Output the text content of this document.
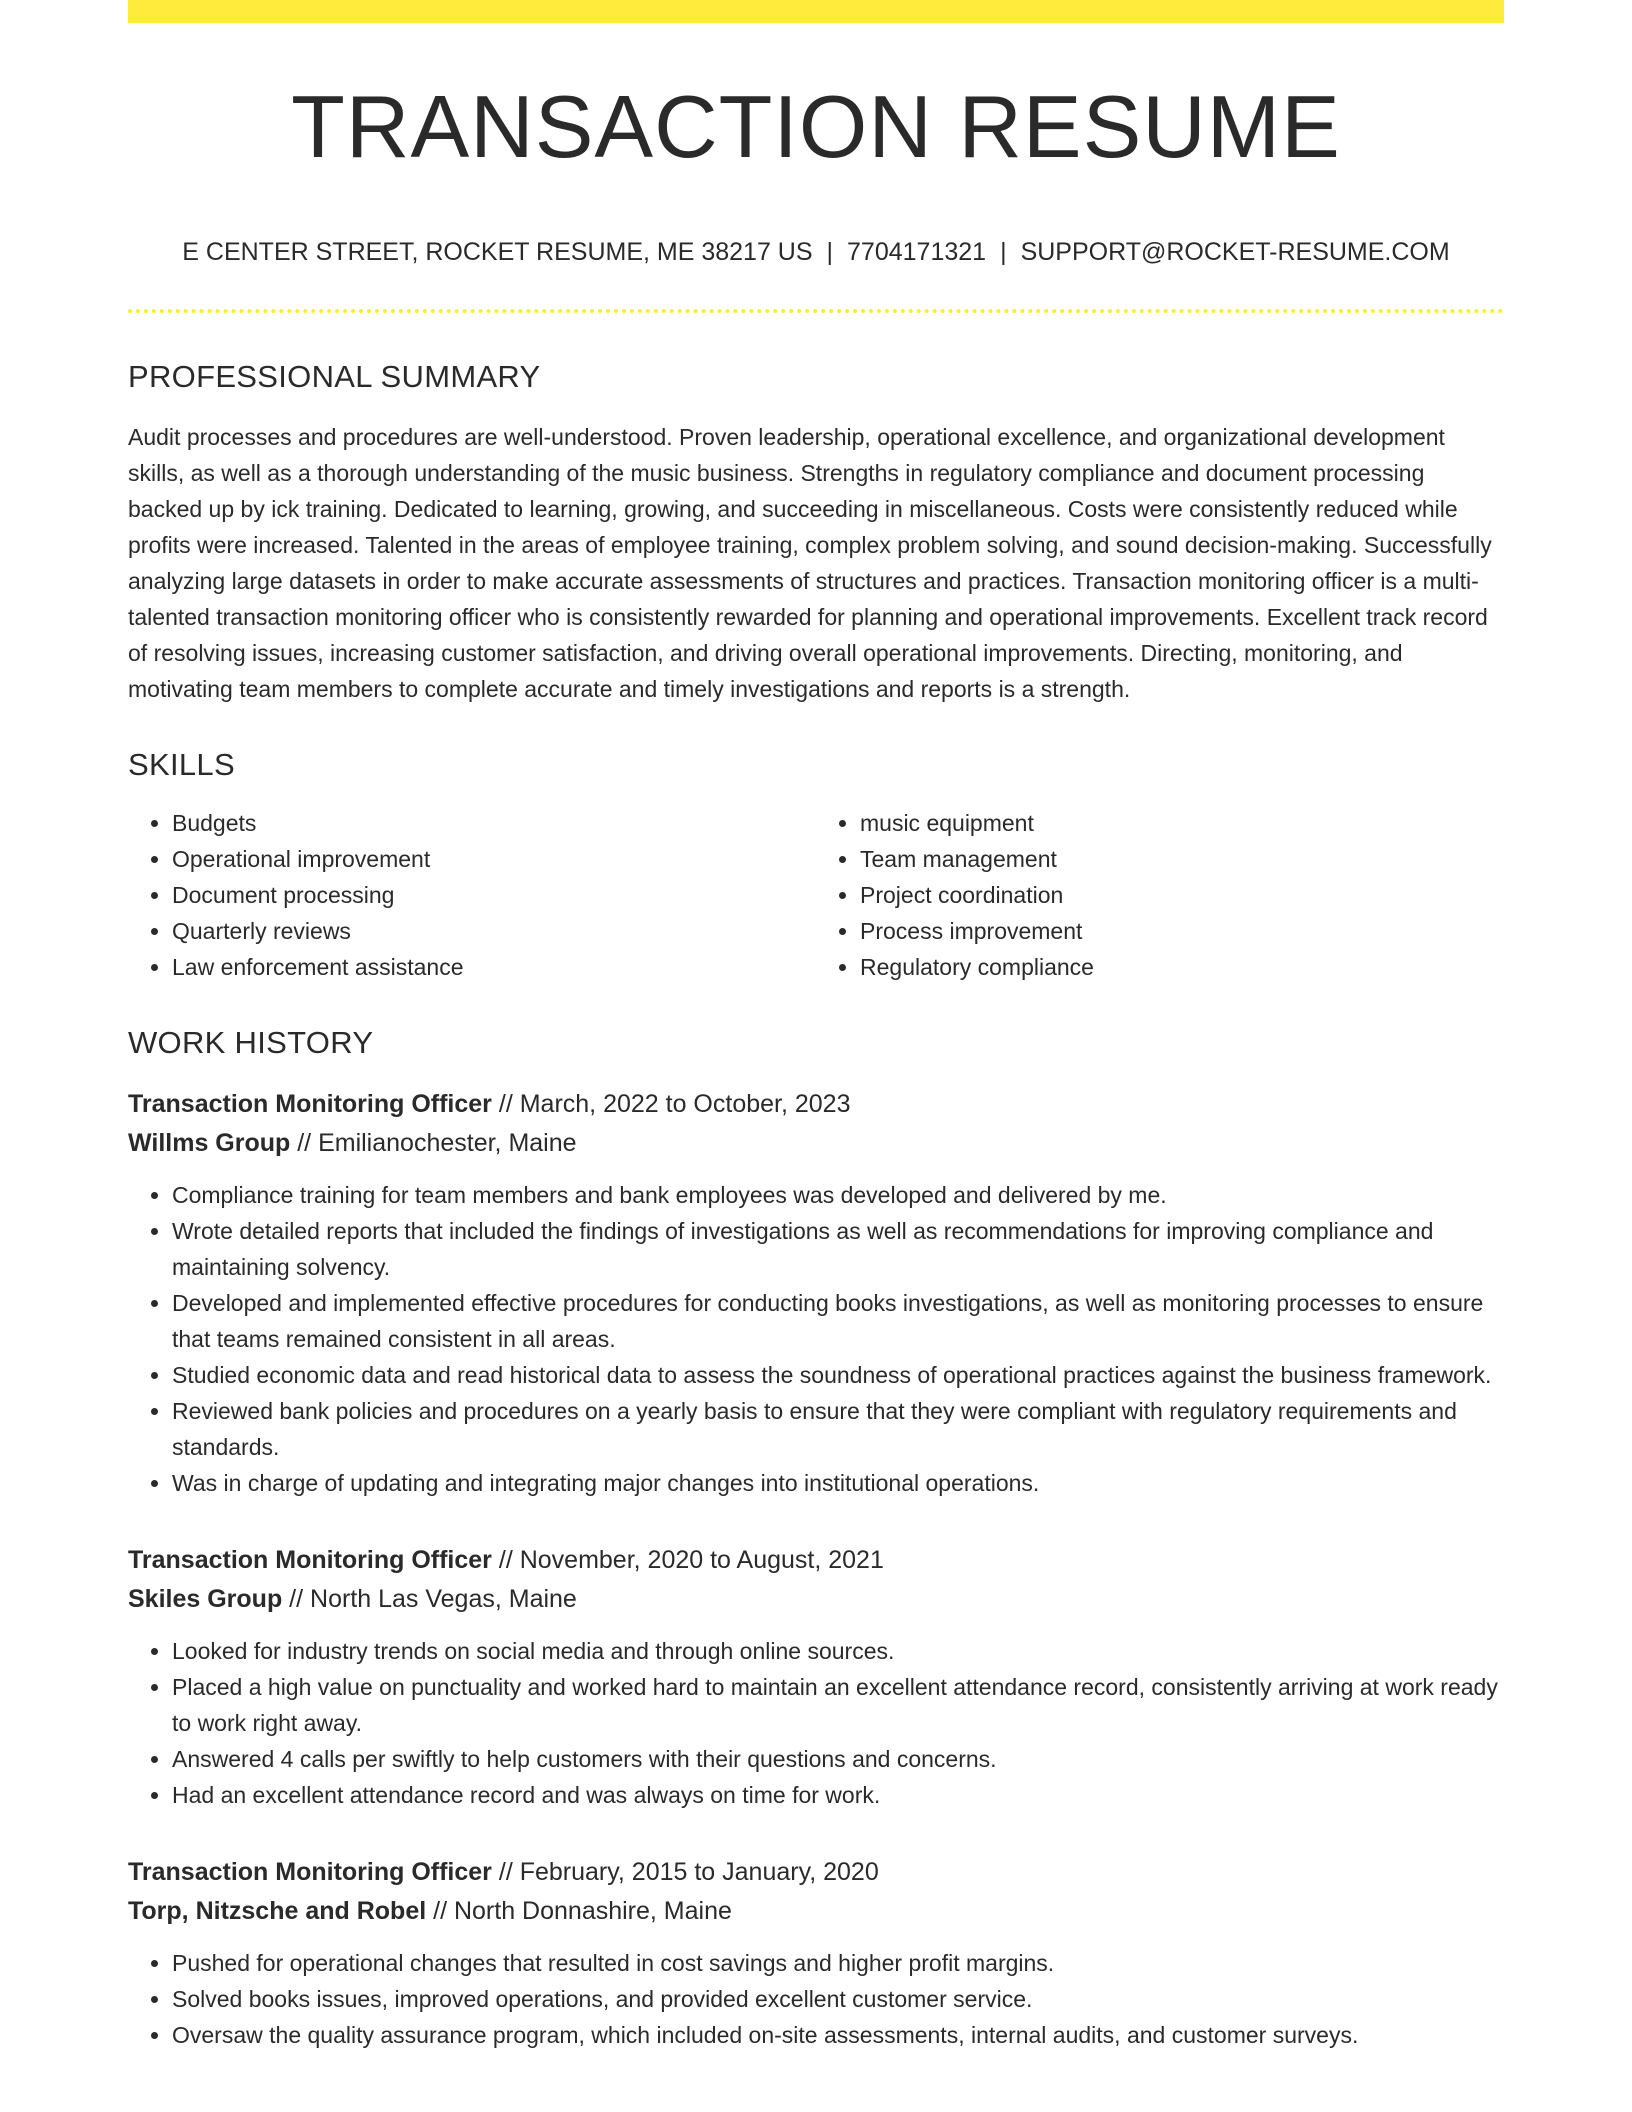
TRANSACTION RESUME
E CENTER STREET, ROCKET RESUME, ME 38217 US | 7704171321 | SUPPORT@ROCKET-RESUME.COM
PROFESSIONAL SUMMARY
Audit processes and procedures are well-understood. Proven leadership, operational excellence, and organizational development skills, as well as a thorough understanding of the music business. Strengths in regulatory compliance and document processing backed up by ick training. Dedicated to learning, growing, and succeeding in miscellaneous. Costs were consistently reduced while profits were increased. Talented in the areas of employee training, complex problem solving, and sound decision-making. Successfully analyzing large datasets in order to make accurate assessments of structures and practices. Transaction monitoring officer is a multi-talented transaction monitoring officer who is consistently rewarded for planning and operational improvements. Excellent track record of resolving issues, increasing customer satisfaction, and driving overall operational improvements. Directing, monitoring, and motivating team members to complete accurate and timely investigations and reports is a strength.
SKILLS
• Budgets
• Operational improvement
• Document processing
• Quarterly reviews
• Law enforcement assistance
• music equipment
• Team management
• Project coordination
• Process improvement
• Regulatory compliance
WORK HISTORY
Transaction Monitoring Officer // March, 2022 to October, 2023
Willms Group // Emilianochester, Maine
• Compliance training for team members and bank employees was developed and delivered by me.
• Wrote detailed reports that included the findings of investigations as well as recommendations for improving compliance and maintaining solvency.
• Developed and implemented effective procedures for conducting books investigations, as well as monitoring processes to ensure that teams remained consistent in all areas.
• Studied economic data and read historical data to assess the soundness of operational practices against the business framework.
• Reviewed bank policies and procedures on a yearly basis to ensure that they were compliant with regulatory requirements and standards.
• Was in charge of updating and integrating major changes into institutional operations.
Transaction Monitoring Officer // November, 2020 to August, 2021
Skiles Group // North Las Vegas, Maine
• Looked for industry trends on social media and through online sources.
• Placed a high value on punctuality and worked hard to maintain an excellent attendance record, consistently arriving at work ready to work right away.
• Answered 4 calls per swiftly to help customers with their questions and concerns.
• Had an excellent attendance record and was always on time for work.
Transaction Monitoring Officer // February, 2015 to January, 2020
Torp, Nitzsche and Robel // North Donnashire, Maine
• Pushed for operational changes that resulted in cost savings and higher profit margins.
• Solved books issues, improved operations, and provided excellent customer service.
• Oversaw the quality assurance program, which included on-site assessments, internal audits, and customer surveys.
